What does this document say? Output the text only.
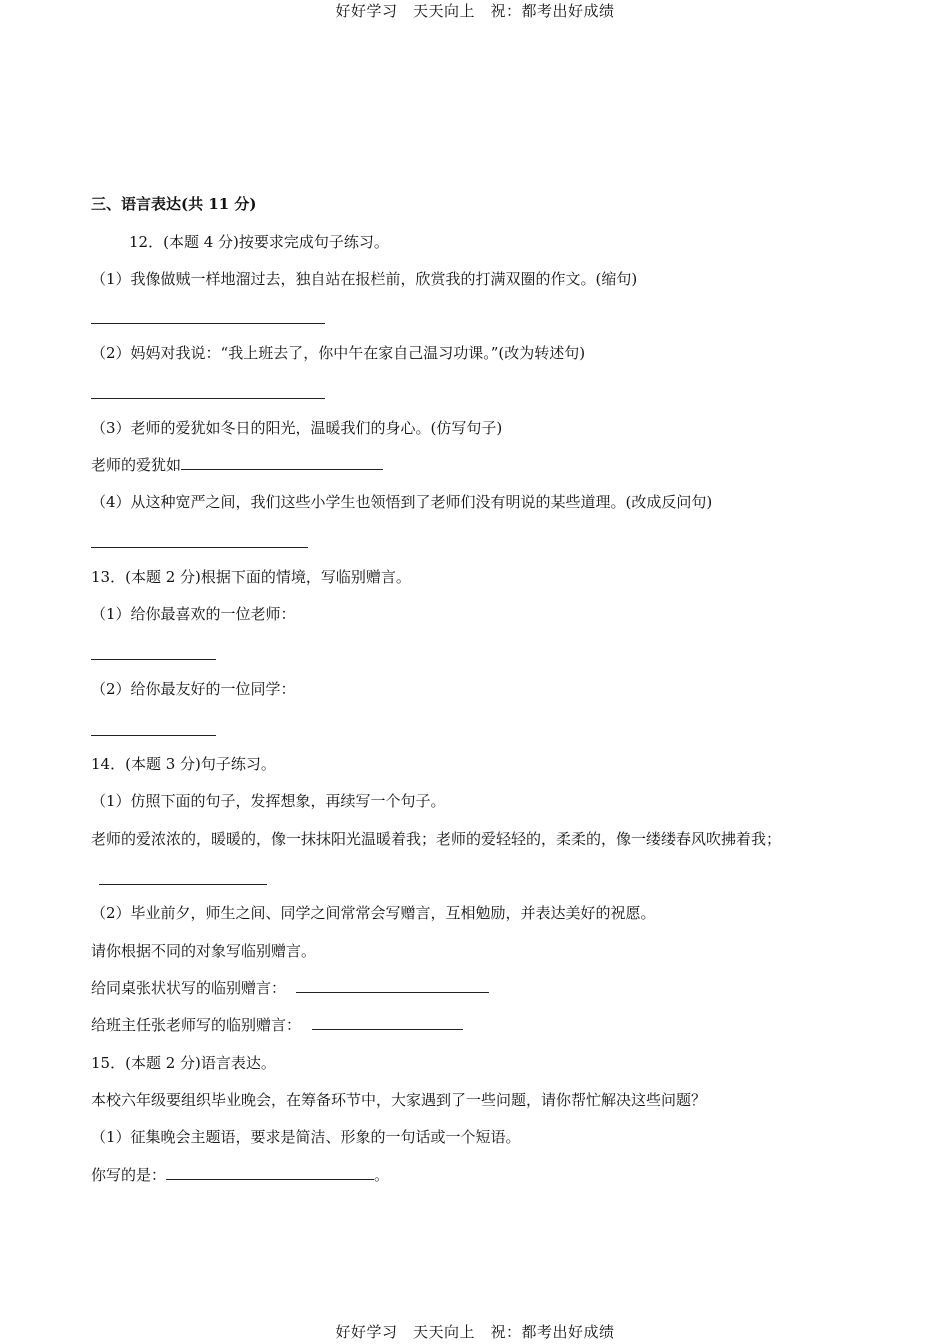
好好学习　天天向上　祝：都考出好成绩
三、语言表达(共 11 分)
12．(本题 4 分)按要求完成句子练习。
（1）我像做贼一样地溜过去，独自站在报栏前，欣赏我的打满双圈的作文。(缩句)
（2）妈妈对我说：“我上班去了，你中午在家自己温习功课。”(改为转述句)
（3）老师的爱犹如冬日的阳光，温暖我们的身心。(仿写句子)
老师的爱犹如
（4）从这种宽严之间，我们这些小学生也领悟到了老师们没有明说的某些道理。(改成反问句)
13．(本题 2 分)根据下面的情境，写临别赠言。
（1）给你最喜欢的一位老师：
（2）给你最友好的一位同学：
14．(本题 3 分)句子练习。
（1）仿照下面的句子，发挥想象，再续写一个句子。
老师的爱浓浓的，暖暖的，像一抹抹阳光温暖着我；老师的爱轻轻的，柔柔的，像一缕缕春风吹拂着我；
（2）毕业前夕，师生之间、同学之间常常会写赠言，互相勉励，并表达美好的祝愿。
请你根据不同的对象写临别赠言。
给同桌张状状写的临别赠言：
给班主任张老师写的临别赠言：
15．(本题 2 分)语言表达。
本校六年级要组织毕业晚会，在筹备环节中，大家遇到了一些问题，请你帮忙解决这些问题？
（1）征集晚会主题语，要求是简洁、形象的一句话或一个短语。
你写的是：	。
好好学习　天天向上　祝：都考出好成绩
